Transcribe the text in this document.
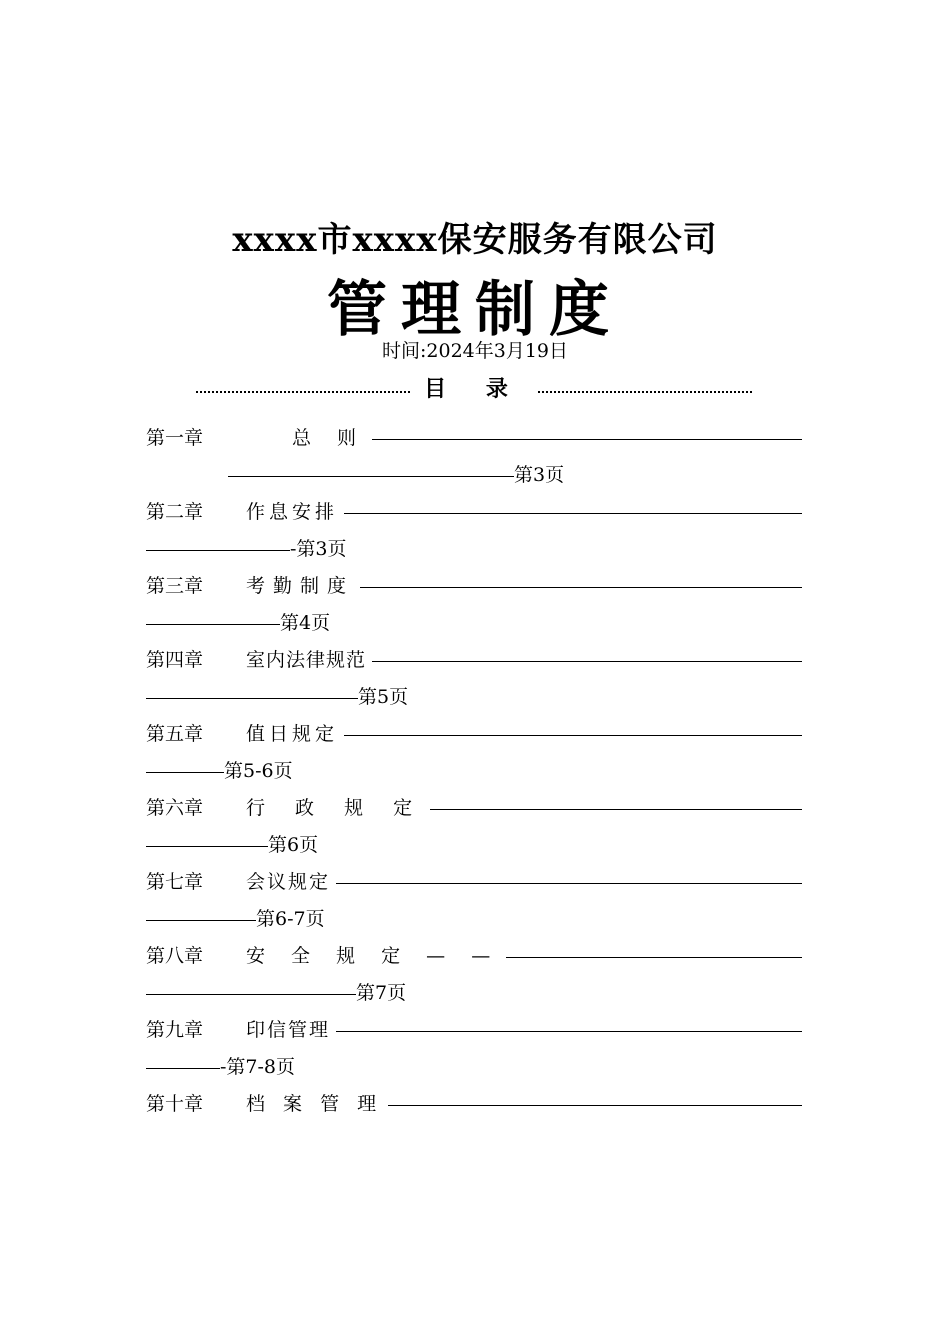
xxxx市xxxx保安服务有限公司
管理制度
时间:2024年3月19日
目 录
第一章	总 则
第3页
第二章	作息安排
-第3页
第三章	考勤制度
第4页
第四章	室内法律规范
第5页
第五章	值日规定
第5-6页
第六章	行 政 规 定
第6页
第七章	会议规定
第6-7页
第八章	安 全 规 定 — —
第7页
第九章	印信管理
-第7-8页
第十章	档 案 管 理
